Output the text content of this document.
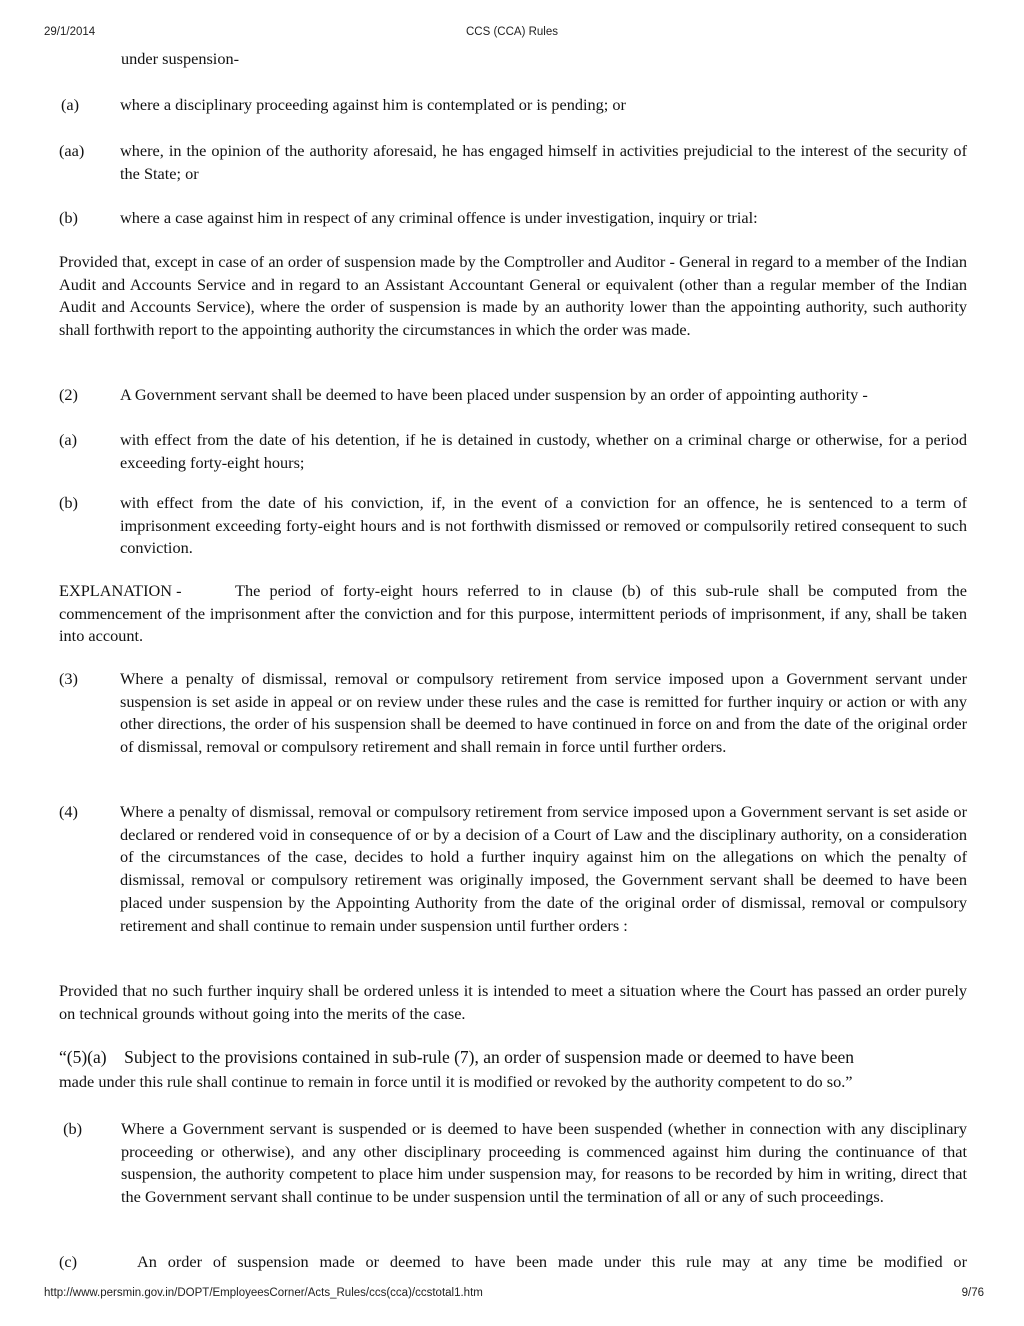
29/1/2014	CCS (CCA) Rules
under suspension-
(a)	where a disciplinary proceeding against him is contemplated or is pending; or
(aa) where, in the opinion of the authority aforesaid, he has engaged himself in activities prejudicial to the interest of the security of the State; or
(b)	where a case against him in respect of any criminal offence is under investigation, inquiry or trial:
Provided that, except in case of an order of suspension made by the Comptroller and Auditor - General in regard to a member of the Indian Audit and Accounts Service and in regard to an Assistant Accountant General or equivalent (other than a regular member of the Indian Audit and Accounts Service), where the order of suspension is made by an authority lower than the appointing authority, such authority shall forthwith report to the appointing authority the circumstances in which the order was made.
(2)	A Government servant shall be deemed to have been placed under suspension by an order of appointing authority -
(a)	with effect from the date of his detention, if he is detained in custody, whether on a criminal charge or otherwise, for a period exceeding forty-eight hours;
(b)	with effect from the date of his conviction, if, in the event of a conviction for an offence, he is sentenced to a term of imprisonment exceeding forty-eight hours and is not forthwith dismissed or removed or compulsorily retired consequent to such conviction.
EXPLANATION -	The period of forty-eight hours referred to in clause (b) of this sub-rule shall be computed from the commencement of the imprisonment after the conviction and for this purpose, intermittent periods of imprisonment, if any, shall be taken into account.
(3)	Where a penalty of dismissal, removal or compulsory retirement from service imposed upon a Government servant under suspension is set aside in appeal or on review under these rules and the case is remitted for further inquiry or action or with any other directions, the order of his suspension shall be deemed to have continued in force on and from the date of the original order of dismissal, removal or compulsory retirement and shall remain in force until further orders.
(4)	Where a penalty of dismissal, removal or compulsory retirement from service imposed upon a Government servant is set aside or declared or rendered void in consequence of or by a decision of a Court of Law and the disciplinary authority, on a consideration of the circumstances of the case, decides to hold a further inquiry against him on the allegations on which the penalty of dismissal, removal or compulsory retirement was originally imposed, the Government servant shall be deemed to have been placed under suspension by the Appointing Authority from the date of the original order of dismissal, removal or compulsory retirement and shall continue to remain under suspension until further orders :
Provided that no such further inquiry shall be ordered unless it is intended to meet a situation where the Court has passed an order purely on technical grounds without going into the merits of the case.
“(5)(a)    Subject to the provisions contained in sub-rule (7), an order of suspension made or deemed to have been
made under this rule shall continue to remain in force until it is modified or revoked by the authority competent to do so.”
(b) Where a Government servant is suspended or is deemed to have been suspended (whether in connection with any disciplinary proceeding or otherwise), and any other disciplinary proceeding is commenced against him during the continuance of that suspension, the authority competent to place him under suspension may, for reasons to be recorded by him in writing, direct that the Government servant shall continue to be under suspension until the termination of all or any of such proceedings.
(c)	An order of suspension made or deemed to have been made under this rule may at any time be modified or
http://www.persmin.gov.in/DOPT/EmployeesCorner/Acts_Rules/ccs(cca)/ccstotal1.htm	9/76
